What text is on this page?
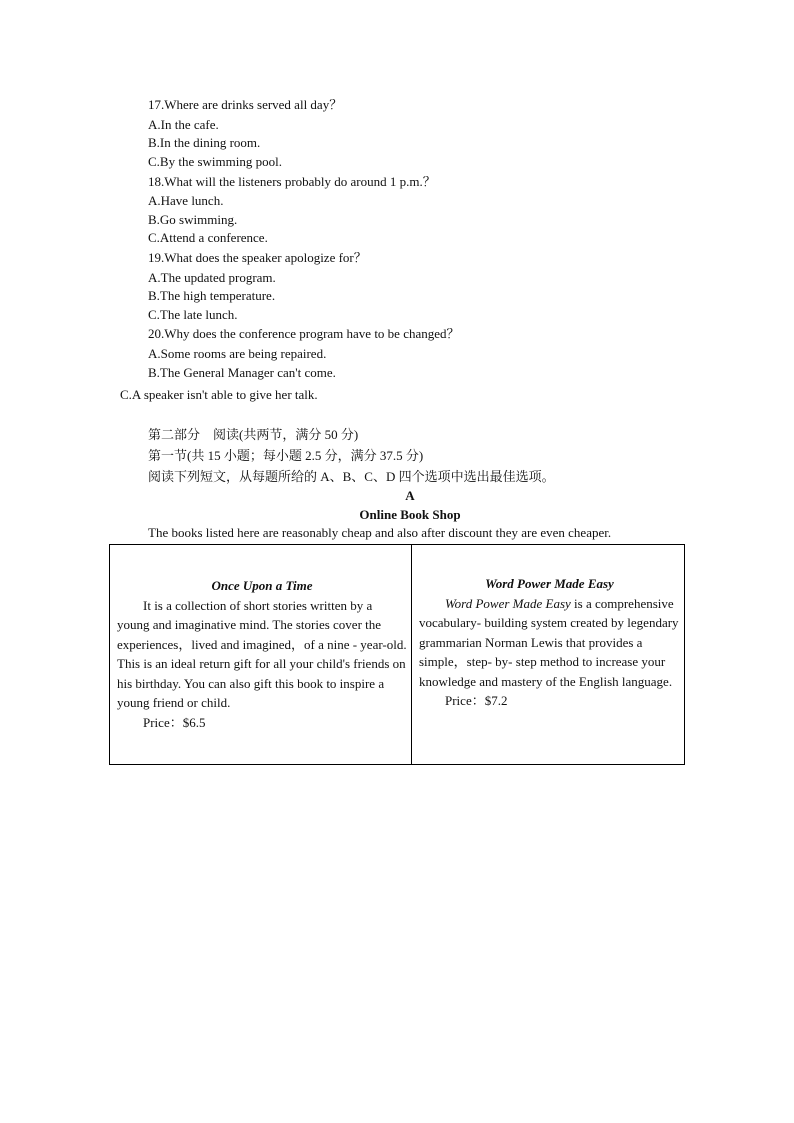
17.Where are drinks served all day？
A.In the cafe.
B.In the dining room.
C.By the swimming pool.
18.What will the listeners probably do around 1 p.m.？
A.Have lunch.
B.Go swimming.
C.Attend a conference.
19.What does the speaker apologize for？
A.The updated program.
B.The high temperature.
C.The late lunch.
20.Why does the conference program have to be changed？
A.Some rooms are being repaired.
B.The General Manager can't come.
C.A speaker isn't able to give her talk.
第二部分　阅读(共两节，满分 50 分)
第一节(共 15 小题；每小题 2.5 分，满分 37.5 分)
阅读下列短文，从每题所给的 A、B、C、D 四个选项中选出最佳选项。
A
Online Book Shop
The books listed here are reasonably cheap and also after discount they are even cheaper.
Once Upon a Time
It is a collection of short stories written by a young and imaginative mind. The stories cover the experiences，lived and imagined，of a nine - year-old. This is an ideal return gift for all your child's friends on his birthday. You can also gift this book to inspire a young friend or child.
Price：$6.5

Word Power Made Easy
Word Power Made Easy is a comprehensive vocabulary- building system created by legendary grammarian Norman Lewis that provides a simple，step- by- step method to increase your knowledge and mastery of the English language.
Price：$7.2
